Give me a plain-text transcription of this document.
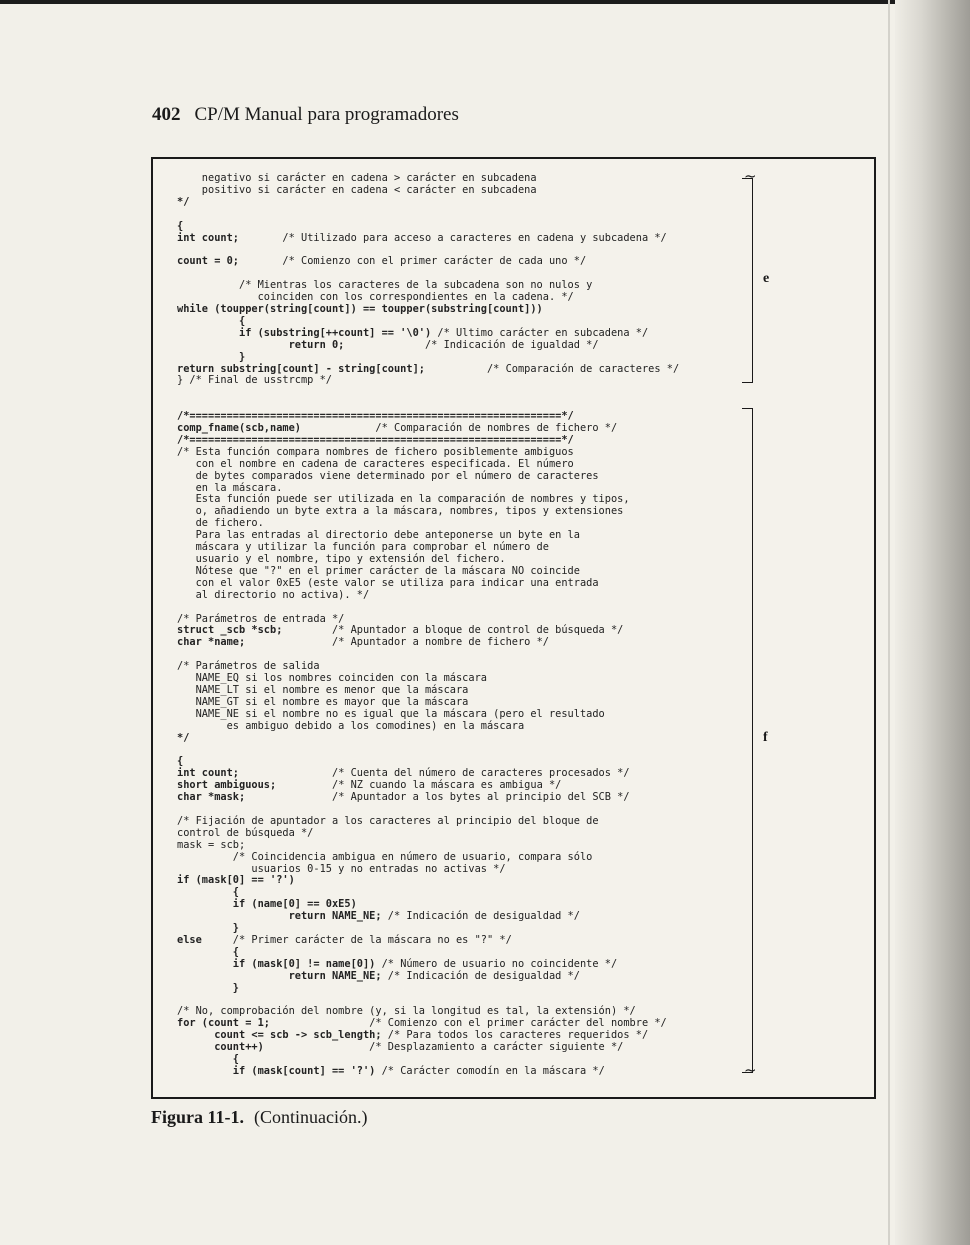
402 CP/M Manual para programadores
negativo si carácter en cadena > carácter en subcadena
positivo si carácter en cadena < carácter en subcadena
*/

{
int count;       /* Utilizado para acceso a caracteres en cadena y subcadena */

count = 0;       /* Comienzo con el primer carácter de cada uno */

/* Mientras los caracteres de la subcadena son no nulos y
coinciden con los correspondientes en la cadena. */
while (toupper(string[count]) == toupper(substring[count]))
{
if (substring[++count] == '\0') /* Ultimo carácter en subcadena */
return 0;             /* Indicación de igualdad */
}
return substring[count] - string[count];          /* Comparación de caracteres */
} /* Final de usstrcmp */

/*============================================================*/
comp_fname(scb,name)            /* Comparación de nombres de fichero */
/*============================================================*/
/* Esta función compara nombres de fichero posiblemente ambiguos
con el nombre en cadena de caracteres especificada. El número
de bytes comparados viene determinado por el número de caracteres
en la máscara.
Esta función puede ser utilizada en la comparación de nombres y tipos,
o, añadiendo un byte extra a la máscara, nombres, tipos y extensiones
de fichero.
Para las entradas al directorio debe anteponerse un byte en la
máscara y utilizar la función para comprobar el número de
usuario y el nombre, tipo y extensión del fichero.
Nótese que "?" en el primer carácter de la máscara NO coincide
con el valor 0xE5 (este valor se utiliza para indicar una entrada
al directorio no activa). */

/* Parámetros de entrada */
struct _scb *scb;        /* Apuntador a bloque de control de búsqueda */
char *name;              /* Apuntador a nombre de fichero */

/* Parámetros de salida
NAME_EQ si los nombres coinciden con la máscara
NAME_LT si el nombre es menor que la máscara
NAME_GT si el nombre es mayor que la máscara
NAME_NE si el nombre no es igual que la máscara (pero el resultado
es ambiguo debido a los comodines) en la máscara
*/

{
int count;               /* Cuenta del número de caracteres procesados */
short ambiguous;         /* NZ cuando la máscara es ambigua */
char *mask;              /* Apuntador a los bytes al principio del SCB */

/* Fijación de apuntador a los caracteres al principio del bloque de
control de búsqueda */
mask = scb;
/* Coincidencia ambigua en número de usuario, compara sólo
usuarios 0-15 y no entradas no activas */
if (mask[0] == '?')
{
if (name[0] == 0xE5)
return NAME_NE; /* Indicación de desigualdad */
}
else     /* Primer carácter de la máscara no es "?" */
{
if (mask[0] != name[0]) /* Número de usuario no coincidente */
return NAME_NE; /* Indicación de desigualdad */
}

/* No, comprobación del nombre (y, si la longitud es tal, la extensión) */
for (count = 1;                /* Comienzo con el primer carácter del nombre */
count <= scb -> scb_length; /* Para todos los caracteres requeridos */
count++)                 /* Desplazamiento a carácter siguiente */
{
if (mask[count] == '?') /* Carácter comodín en la máscara */

~
e
~
f
Figura 11-1. (Continuación.)
